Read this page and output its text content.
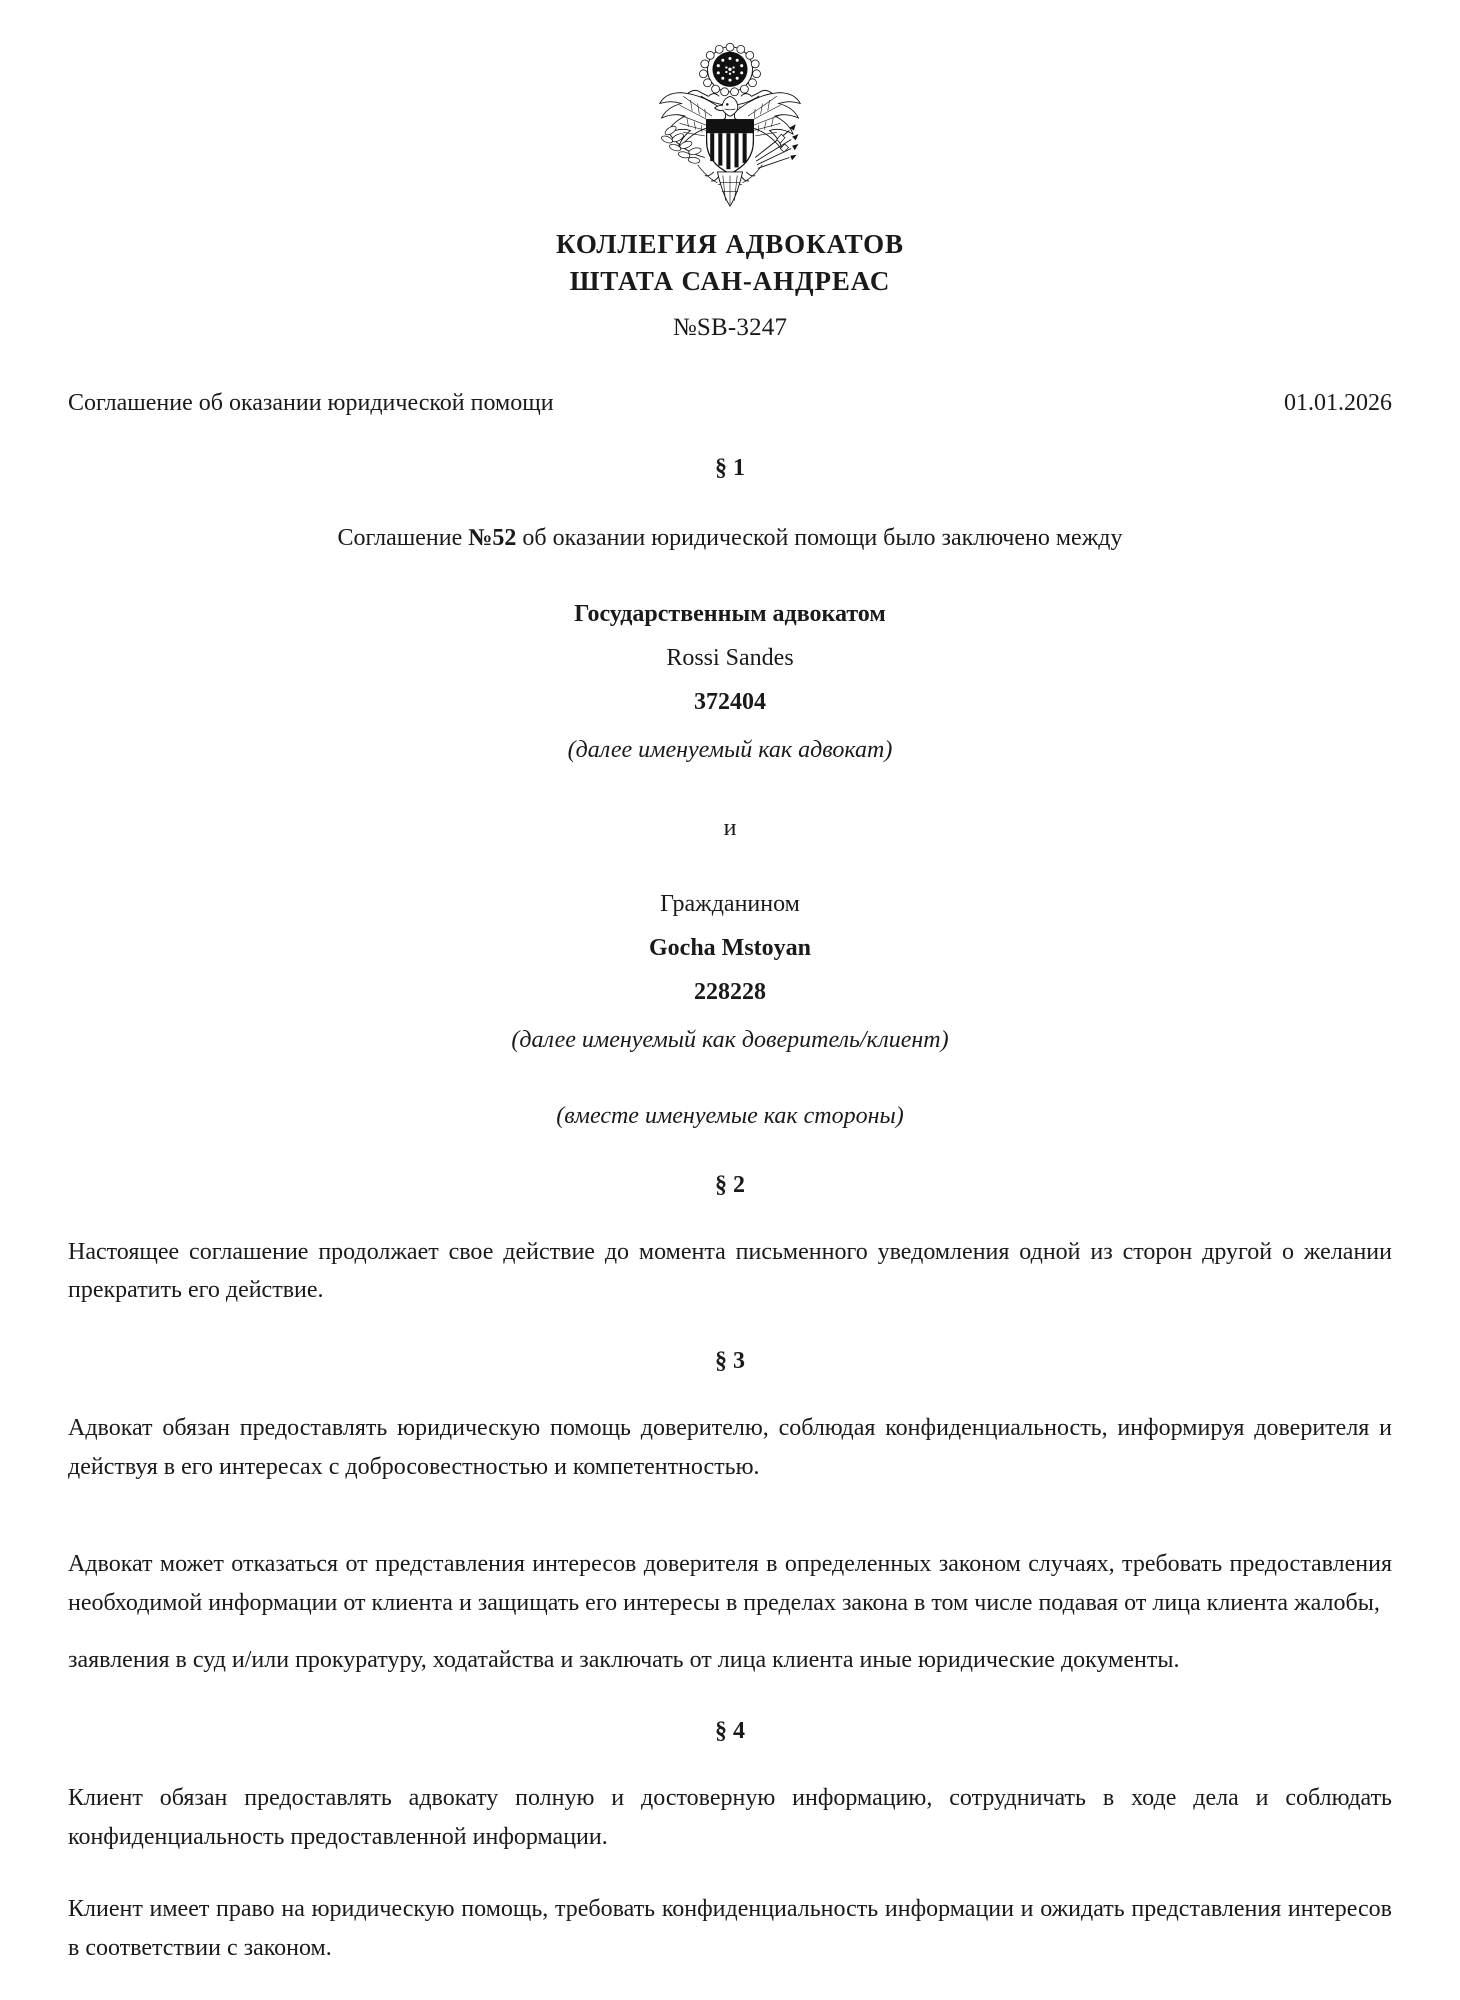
КОЛЛЕГИЯ АДВОКАТОВ
ШТАТА САН-АНДРЕАС
№SB-3247
Соглашение об оказании юридической помощи	01.01.2026
§ 1
Соглашение №52 об оказании юридической помощи было заключено между
Государственным адвокатом
Rossi Sandes
372404
(далее именуемый как адвокат)
и
Гражданином
Gocha Mstoyan
228228
(далее именуемый как доверитель/клиент)
(вместе именуемые как стороны)
§ 2

Настоящее соглашение продолжает свое действие до момента письменного уведомления одной из сторон другой о желании прекратить его действие.

§ 3

Адвокат обязан предоставлять юридическую помощь доверителю, соблюдая конфиденциальность, информируя доверителя и действуя в его интересах с добросовестностью и компетентностью.

Адвокат может отказаться от представления интересов доверителя в определенных законом случаях, требовать предоставления необходимой информации от клиента и защищать его интересы в пределах закона в том числе подавая от лица клиента жалобы,

заявления в суд и/или прокуратуру, ходатайства и заключать от лица клиента иные юридические документы.

§ 4

Клиент обязан предоставлять адвокату полную и достоверную информацию, сотрудничать в ходе дела и соблюдать конфиденциальность предоставленной информации.

Клиент имеет право на юридическую помощь, требовать конфиденциальность информации и ожидать представления интересов в соответствии с законом.
